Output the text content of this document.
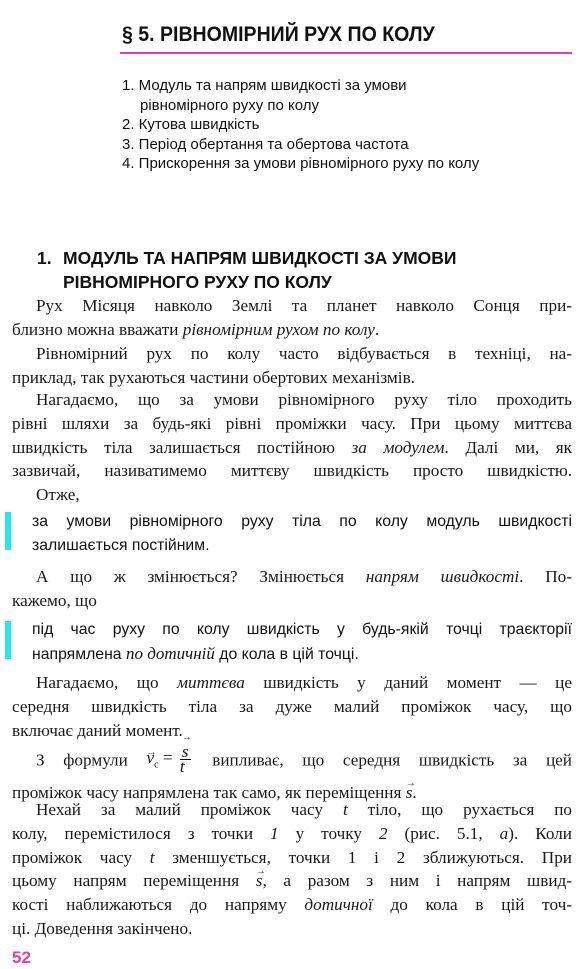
§ 5. РІВНОМІРНИЙ РУХ ПО КОЛУ
1. Модуль та напрям швидкості за умови
рівномірного руху по колу
2. Кутова швидкість
3. Період обертання та обертова частота
4. Прискорення за умови рівномірного руху по колу
1. МОДУЛЬ ТА НАПРЯМ ШВИДКОСТІ ЗА УМОВИ
РІВНОМІРНОГО РУХУ ПО КОЛУ
Рух Місяця навколо Землі та планет навколо Сонця при-
близно можна вважати рівномірним рухом по колу.
Рівномірний рух по колу часто відбувається в техніці, на-
приклад, так рухаються частини обертових механізмів.
Нагадаємо, що за умови рівномірного руху тіло проходить
рівні шляхи за будь-які рівні проміжки часу. При цьому миттєва
швидкість тіла залишається постійною за модулем. Далі ми, як
зазвичай, називатимемо миттєву швидкість просто швидкістю.
Отже,
за умови рівномірного руху тіла по колу модуль швидкості
залишається постійним.
А що ж змінюється? Змінюється напрям швидкості. По-
кажемо, що
під час руху по колу швидкість у будь-якій точці траєкторії
напрямлена по дотичній до кола в цій точці.
Нагадаємо, що миттєва швидкість у даний момент — це
середня швидкість тіла за дуже малий проміжок часу, що
включає даний момент.
З формули → $v_c$ =
→ $\frac{s}{t}$ випливає, що середня швидкість за цей
проміжок часу напрямлена так само, як переміщення → s.
Нехай за малий проміжок часу t тіло, що рухається по
колу, перемістилося з точки 1 у точку 2 (рис. 5.1, а). Коли
проміжок часу t зменшується, точки 1 і 2 зближуються. При
цьому напрям переміщення → s, а разом з ним і напрям швид-
кості наближаються до напряму дотичної до кола в цій точ-
ці. Доведення закінчено.
52
